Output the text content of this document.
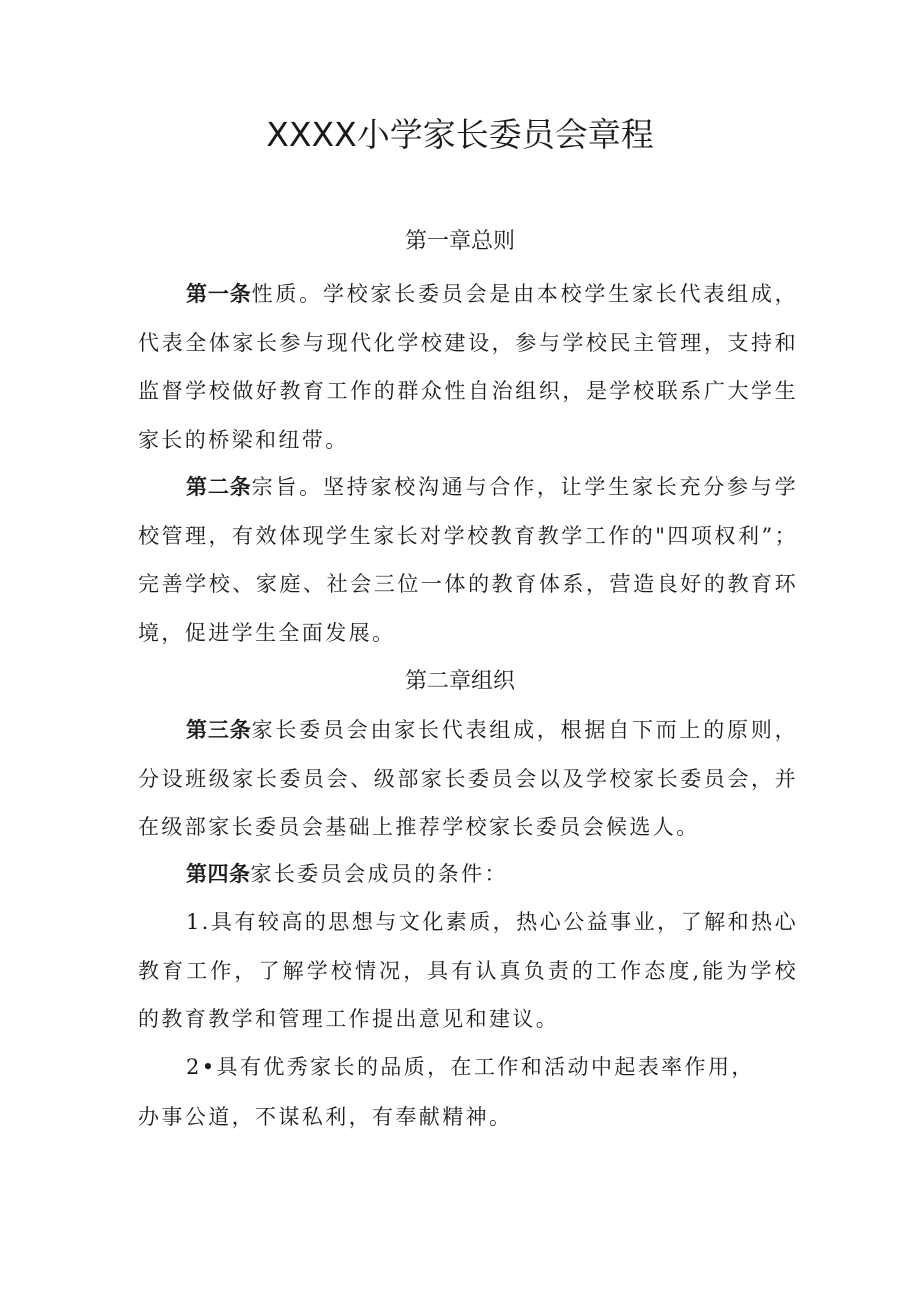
XXXX小学家长委员会章程
第一章总则

第一条性质。学校家长委员会是由本校学生家长代表组成，代表全体家长参与现代化学校建设，参与学校民主管理，支持和监督学校做好教育工作的群众性自治组织，是学校联系广大学生家长的桥梁和纽带。

第二条宗旨。坚持家校沟通与合作，让学生家长充分参与学校管理，有效体现学生家长对学校教育教学工作的"四项权利”；完善学校、家庭、社会三位一体的教育体系，营造良好的教育环境，促进学生全面发展。

第二章组织

第三条家长委员会由家长代表组成，根据自下而上的原则，分设班级家长委员会、级部家长委员会以及学校家长委员会，并在级部家长委员会基础上推荐学校家长委员会候选人。

第四条家长委员会成员的条件：

1.具有较高的思想与文化素质，热心公益事业，了解和热心教育工作，了解学校情况，具有认真负责的工作态度,能为学校的教育教学和管理工作提出意见和建议。

2•具有优秀家长的品质，在工作和活动中起表率作用，

办事公道，不谋私利，有奉献精神。
